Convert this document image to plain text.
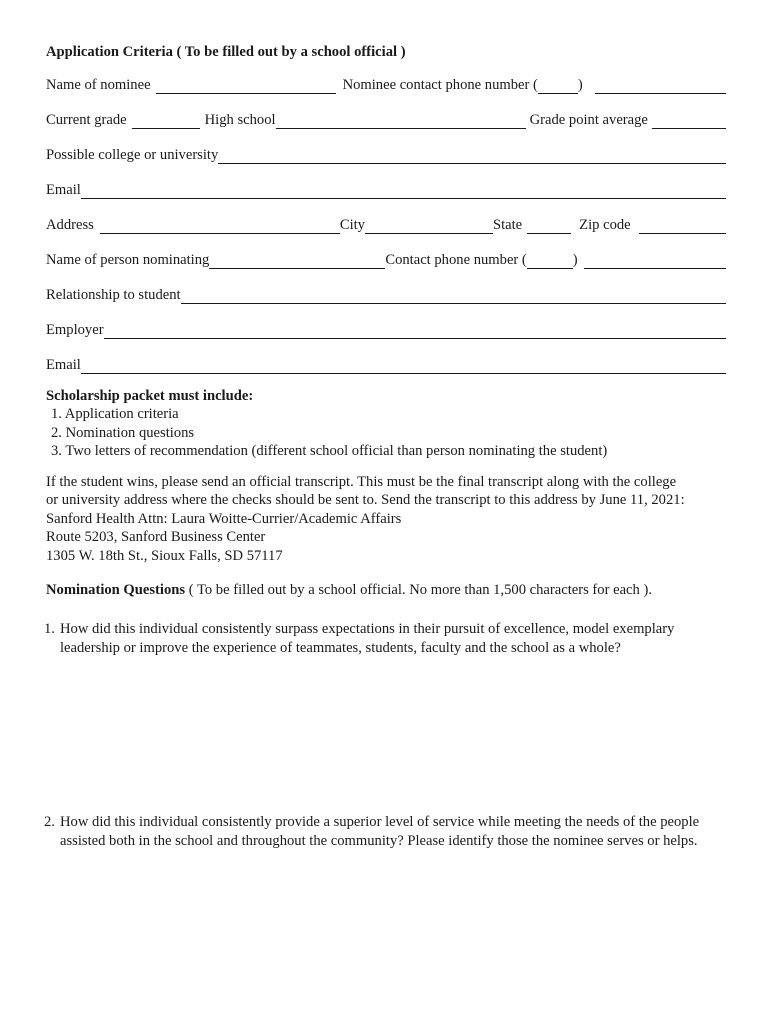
Application Criteria ( To be filled out by a school official )
Name of nominee	Nominee contact phone number (	)
Current grade	High school	Grade point average
Possible college or university
Email
Address	City	State	Zip code
Name of person nominating	Contact phone number (	)
Relationship to student
Employer
Email
Scholarship packet must include:
1. Application criteria
2. Nomination questions
3. Two letters of recommendation (different school official than person nominating the student)
If the student wins, please send an official transcript. This must be the final transcript along with the college
or university address where the checks should be sent to. Send the transcript to this address by June 11, 2021:
Sanford Health Attn: Laura Woitte-Currier/Academic Affairs
Route 5203, Sanford Business Center
1305 W. 18th St., Sioux Falls, SD 57117
Nomination Questions ( To be filled out by a school official. No more than 1,500 characters for each ).
1. How did this individual consistently surpass expectations in their pursuit of excellence, model exemplary leadership or improve the experience of teammates, students, faculty and the school as a whole?
2. How did this individual consistently provide a superior level of service while meeting the needs of the people assisted both in the school and throughout the community? Please identify those the nominee serves or helps.
